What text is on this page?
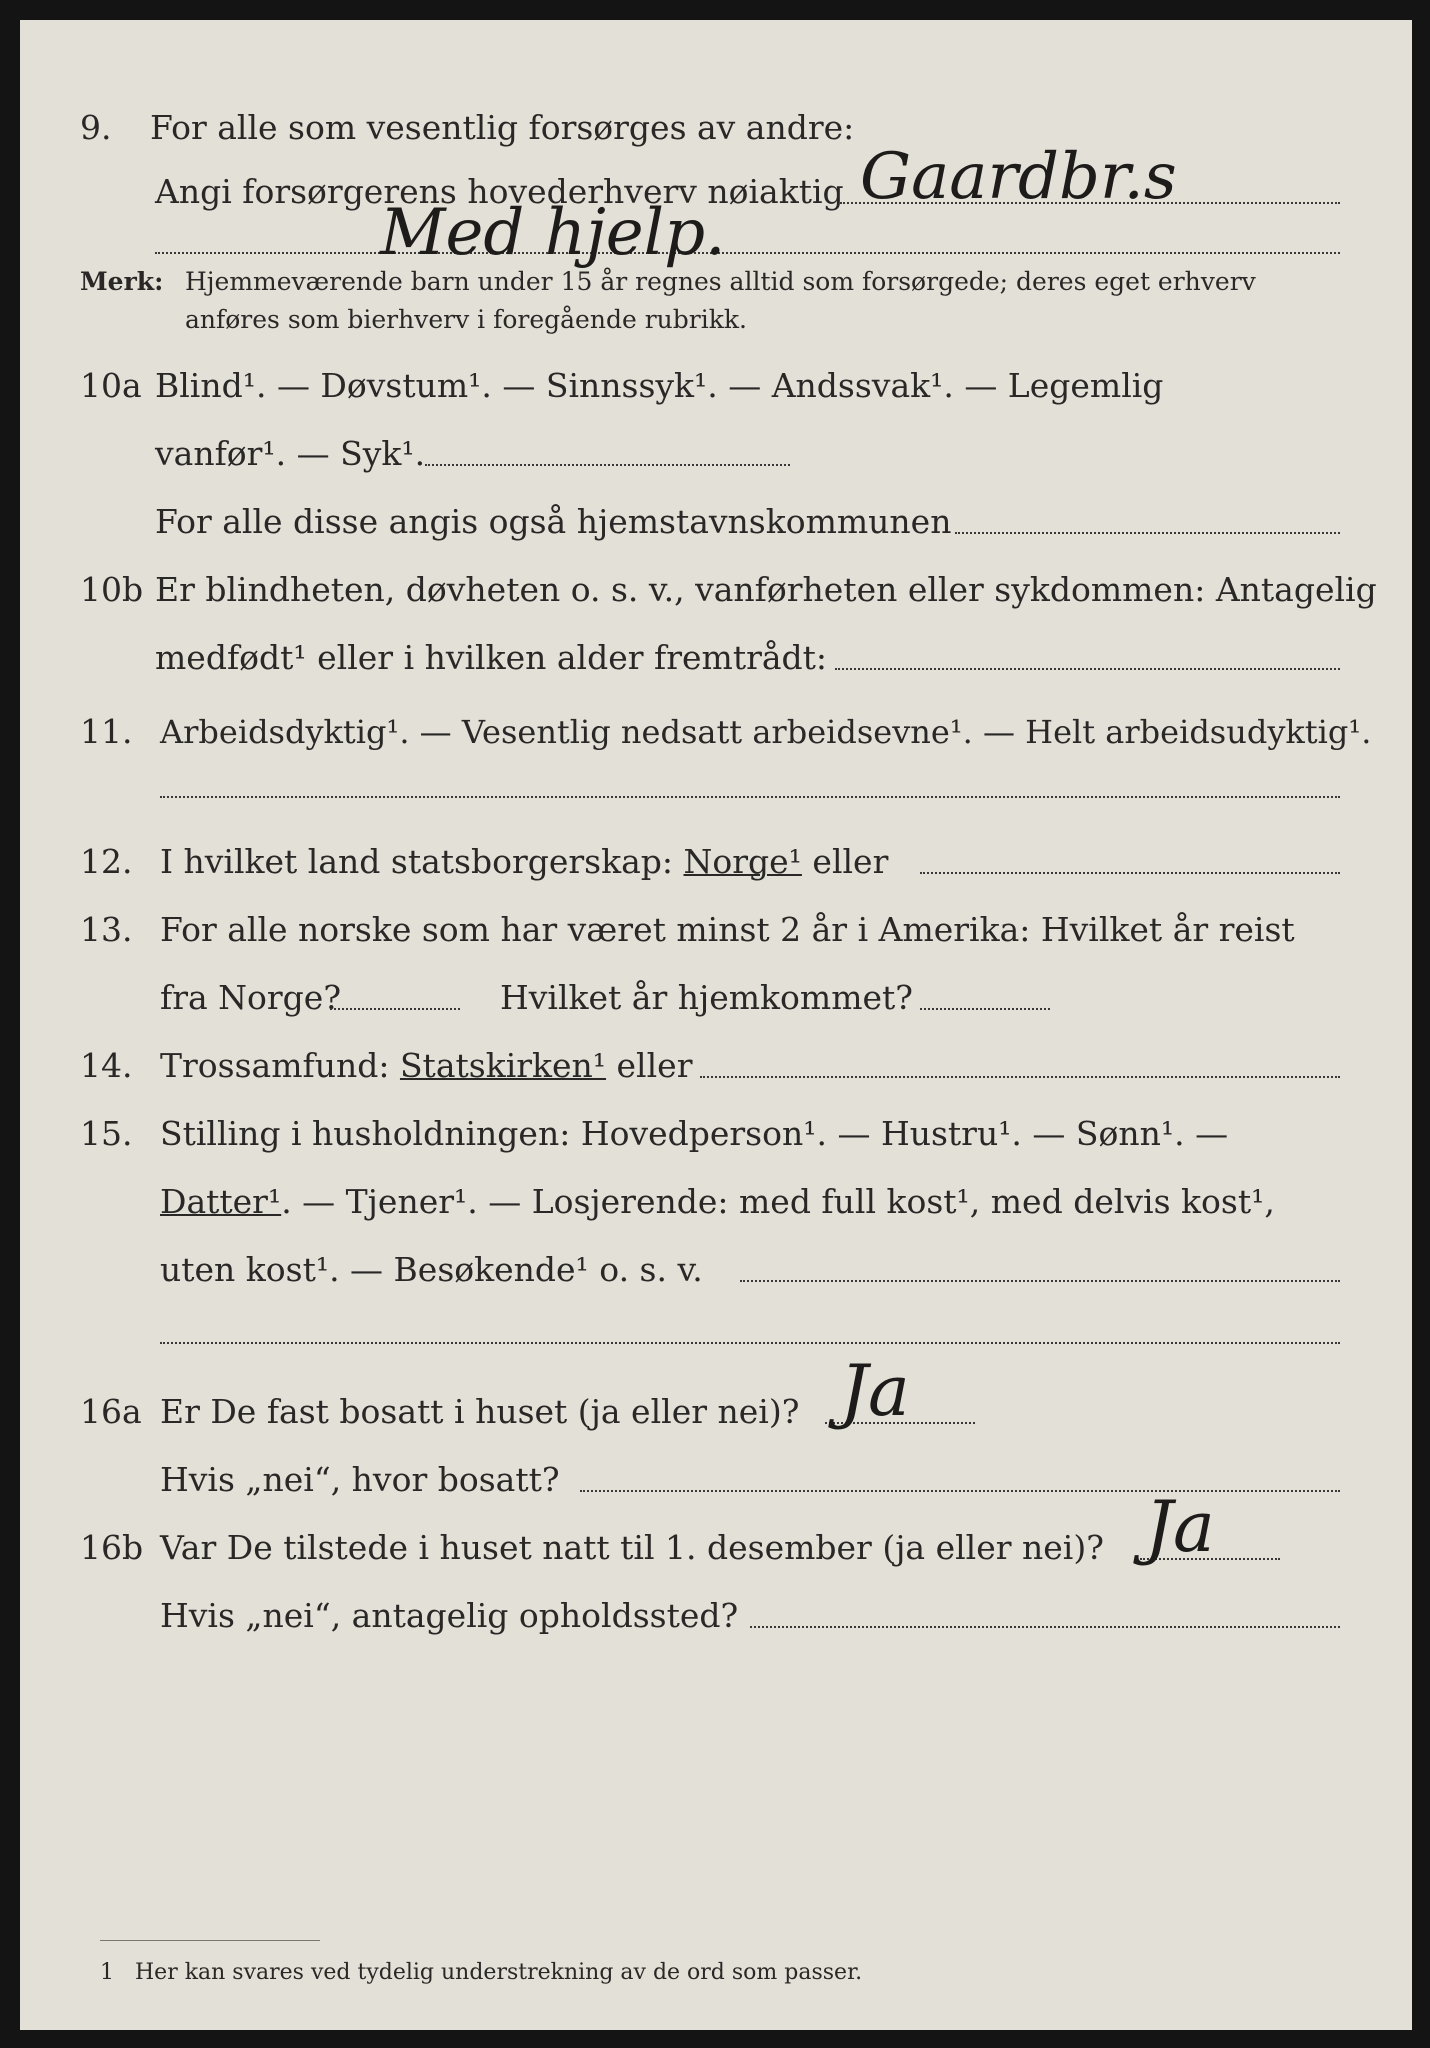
9. For alle som vesentlig forsørges av andre:
Angi forsørgerens hovederhverv nøiaktig Gaardbr.s
Med hjelp.
Merk: Hjemmeværende barn under 15 år regnes alltid som forsørgede; deres eget erhverv
anføres som bierhverv i foregående rubrikk.
10a Blind¹. — Døvstum¹. — Sinnssyk¹. — Andssvak¹. — Legemlig
vanfør¹. — Syk¹.
For alle disse angis også hjemstavnskommunen
10b Er blindheten, døvheten o. s. v., vanførheten eller sykdommen: Antagelig
medfødt¹ eller i hvilken alder fremtrådt:
11. Arbeidsdyktig¹. — Vesentlig nedsatt arbeidsevne¹. — Helt arbeidsudyktig¹.
12. I hvilket land statsborgerskap: Norge¹ eller
13. For alle norske som har været minst 2 år i Amerika: Hvilket år reist
fra Norge?	Hvilket år hjemkommet?
14. Trossamfund: Statskirken¹ eller
15. Stilling i husholdningen: Hovedperson¹. — Hustru¹. — Sønn¹. —
Datter¹. — Tjener¹. — Losjerende: med full kost¹, med delvis kost¹,
uten kost¹. — Besøkende¹ o. s. v.
16a Er De fast bosatt i huset (ja eller nei)? Ja
Hvis „nei“, hvor bosatt?
16b Var De tilstede i huset natt til 1. desember (ja eller nei)? Ja
Hvis „nei“, antagelig opholdssted?
1 Her kan svares ved tydelig understrekning av de ord som passer.
